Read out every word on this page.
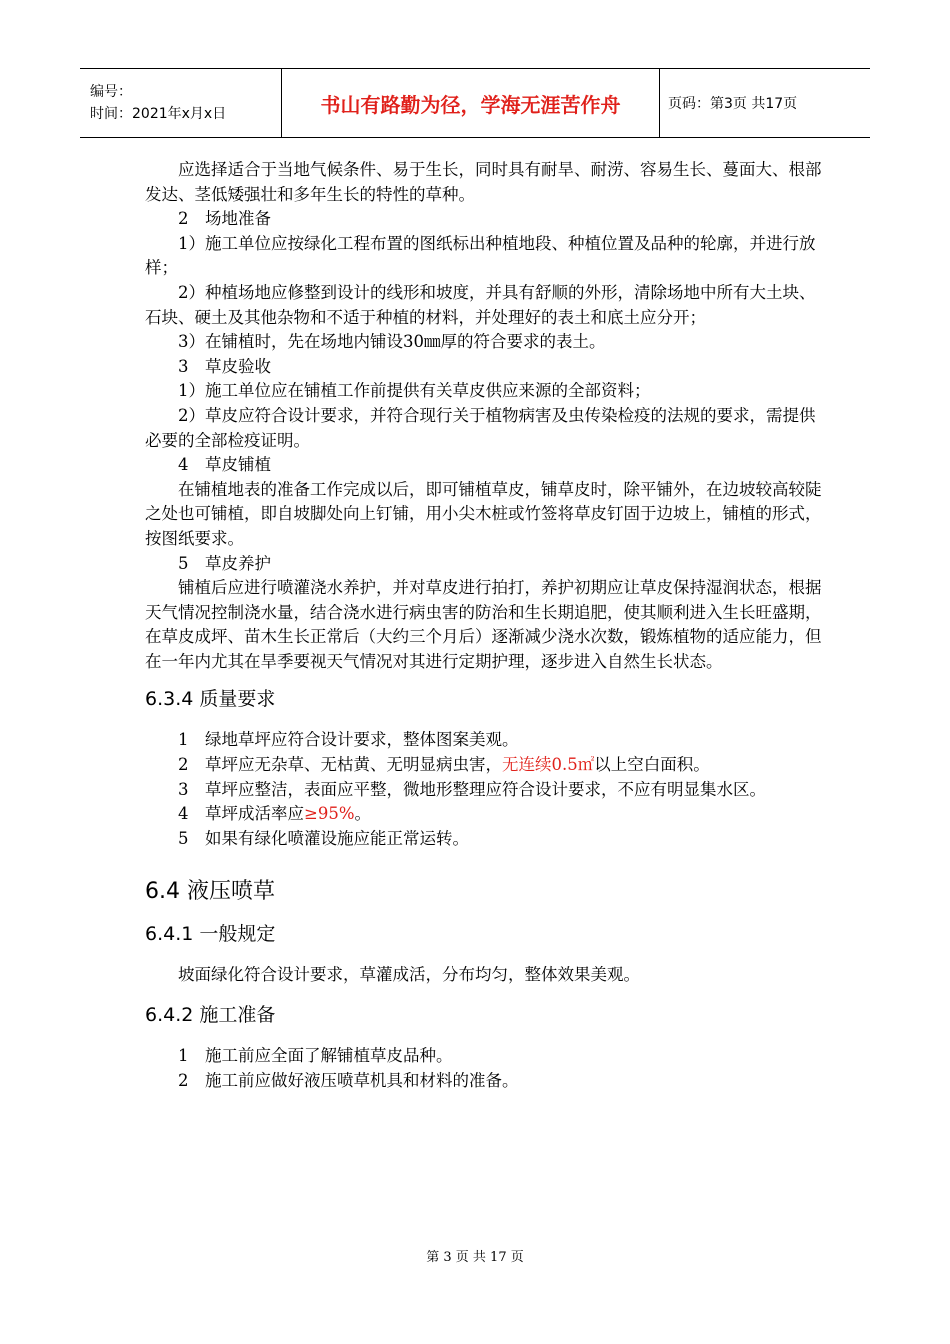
编号：
时间：2021年x月x日	书山有路勤为径，学海无涯苦作舟	页码：第3页 共17页

应选择适合于当地气候条件、易于生长，同时具有耐旱、耐涝、容易生长、蔓面大、根部发达、茎低矮强壮和多年生长的特性的草种。

2　场地准备

1）施工单位应按绿化工程布置的图纸标出种植地段、种植位置及品种的轮廓，并进行放样；

2）种植场地应修整到设计的线形和坡度，并具有舒顺的外形，清除场地中所有大土块、石块、硬土及其他杂物和不适于种植的材料，并处理好的表土和底土应分开；

3）在铺植时，先在场地内铺设30㎜厚的符合要求的表土。

3　草皮验收

1）施工单位应在铺植工作前提供有关草皮供应来源的全部资料；

2）草皮应符合设计要求，并符合现行关于植物病害及虫传染检疫的法规的要求，需提供必要的全部检疫证明。

4　草皮铺植

在铺植地表的准备工作完成以后，即可铺植草皮，铺草皮时，除平铺外，在边坡较高较陡之处也可铺植，即自坡脚处向上钉铺，用小尖木桩或竹签将草皮钉固于边坡上，铺植的形式，按图纸要求。

5　草皮养护

铺植后应进行喷灌浇水养护，并对草皮进行拍打，养护初期应让草皮保持湿润状态，根据天气情况控制浇水量，结合浇水进行病虫害的防治和生长期追肥，使其顺利进入生长旺盛期，在草皮成坪、苗木生长正常后（大约三个月后）逐渐减少浇水次数，锻炼植物的适应能力，但在一年内尤其在旱季要视天气情况对其进行定期护理，逐步进入自然生长状态。

6.3.4 质量要求

1　绿地草坪应符合设计要求，整体图案美观。

2　草坪应无杂草、无枯黄、无明显病虫害，无连续0.5㎡以上空白面积。

3　草坪应整洁，表面应平整，微地形整理应符合设计要求，不应有明显集水区。

4　草坪成活率应≥95%。

5　如果有绿化喷灌设施应能正常运转。

6.4 液压喷草
6.4.1 一般规定

坡面绿化符合设计要求，草灌成活，分布均匀，整体效果美观。

6.4.2 施工准备

1　施工前应全面了解铺植草皮品种。

2　施工前应做好液压喷草机具和材料的准备。

第 3 页 共 17 页
